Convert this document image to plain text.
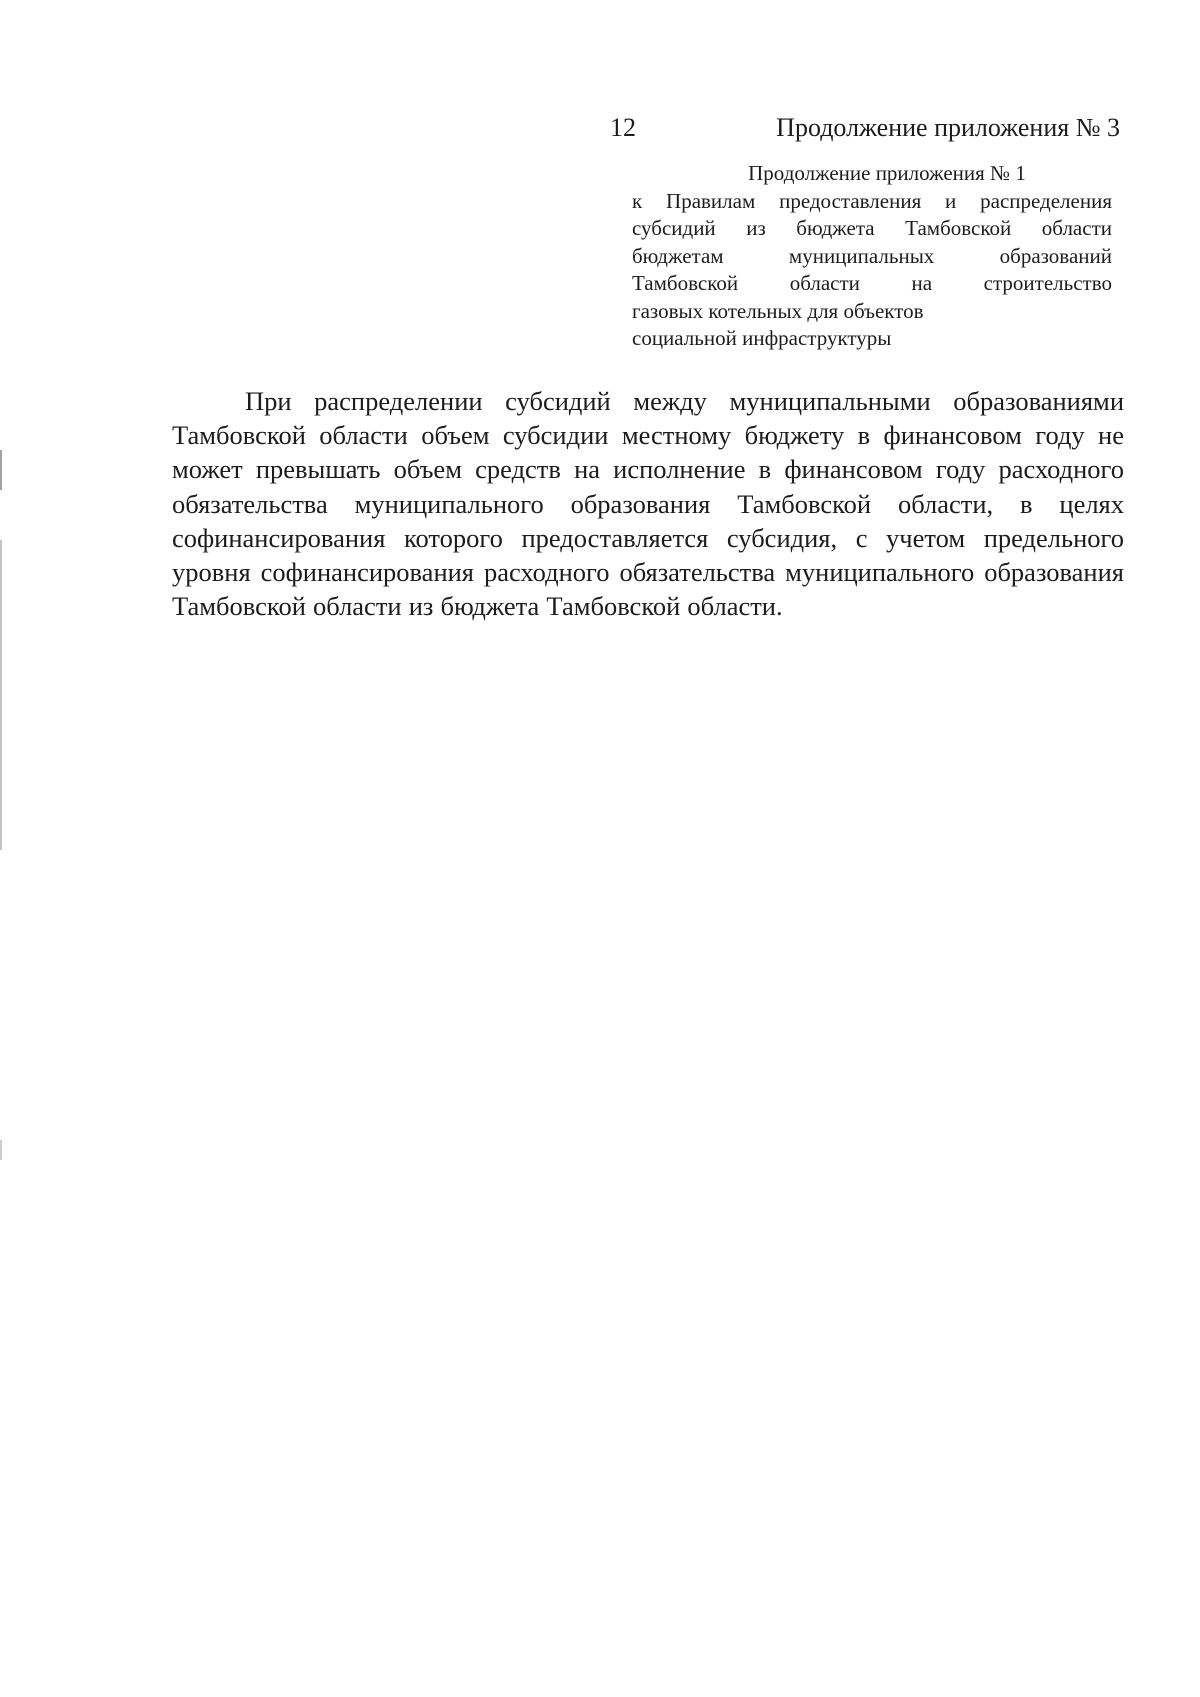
12	Продолжение приложения № 3
Продолжение приложения № 1
к Правилам предоставления и распределения
субсидий из бюджета Тамбовской области
бюджетам муниципальных образований
Тамбовской области на строительство
газовых котельных для объектов
социальной инфраструктуры

При распределении субсидий между муниципальными образованиями Тамбовской области объем субсидии местному бюджету в финансовом году не может превышать объем средств на исполнение в финансовом году расходного обязательства муниципального образования Тамбовской области, в целях софинансирования которого предоставляется субсидия, с учетом предельного уровня софинансирования расходного обязательства муниципального образования Тамбовской области из бюджета Тамбовской области.
